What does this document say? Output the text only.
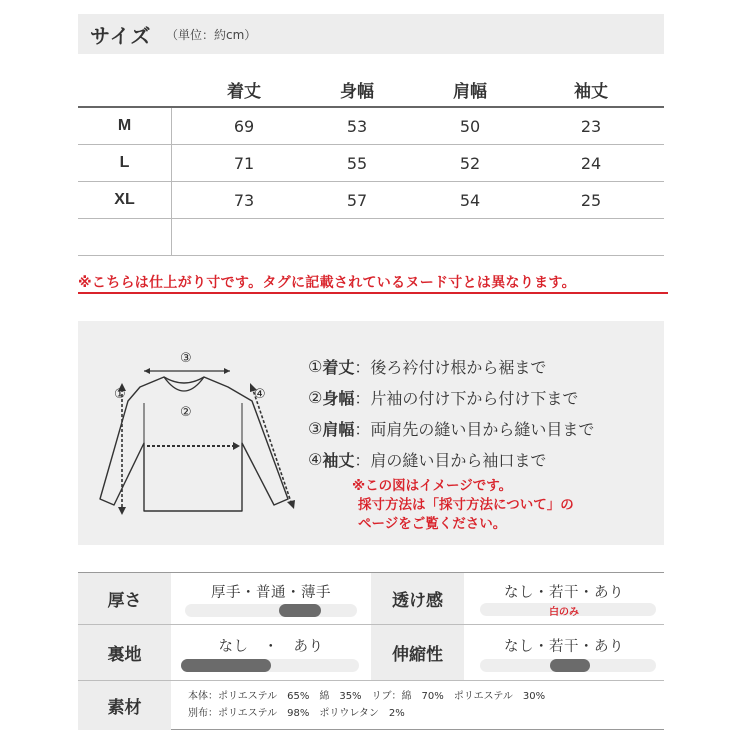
サイズ （単位：約cm）
着丈	身幅	肩幅	袖丈
M	69	53	50	23
L	71	55	52	24
XL	73	57	54	25
※こちらは仕上がり寸です。タグに記載されているヌード寸とは異なります。
③
①
②
④
① 着丈 ：後ろ衿付け根から裾まで
② 身幅 ：片袖の付け下から付け下まで
③ 肩幅 ：両肩先の縫い目から縫い目まで
④ 袖丈 ：肩の縫い目から袖口まで
※この図はイメージです。
採寸方法は「採寸方法について」の
ページをご覧ください。
厚さ	厚手・普通・薄手	透け感	なし・若干・あり
白のみ
裏地	なし　・　あり	伸縮性	なし・若干・あり
素材
本体：ポリエステル　65%　綿　35%　リブ：綿　70%　ポリエステル　30%
別布：ポリエステル　98%　ポリウレタン　2%
